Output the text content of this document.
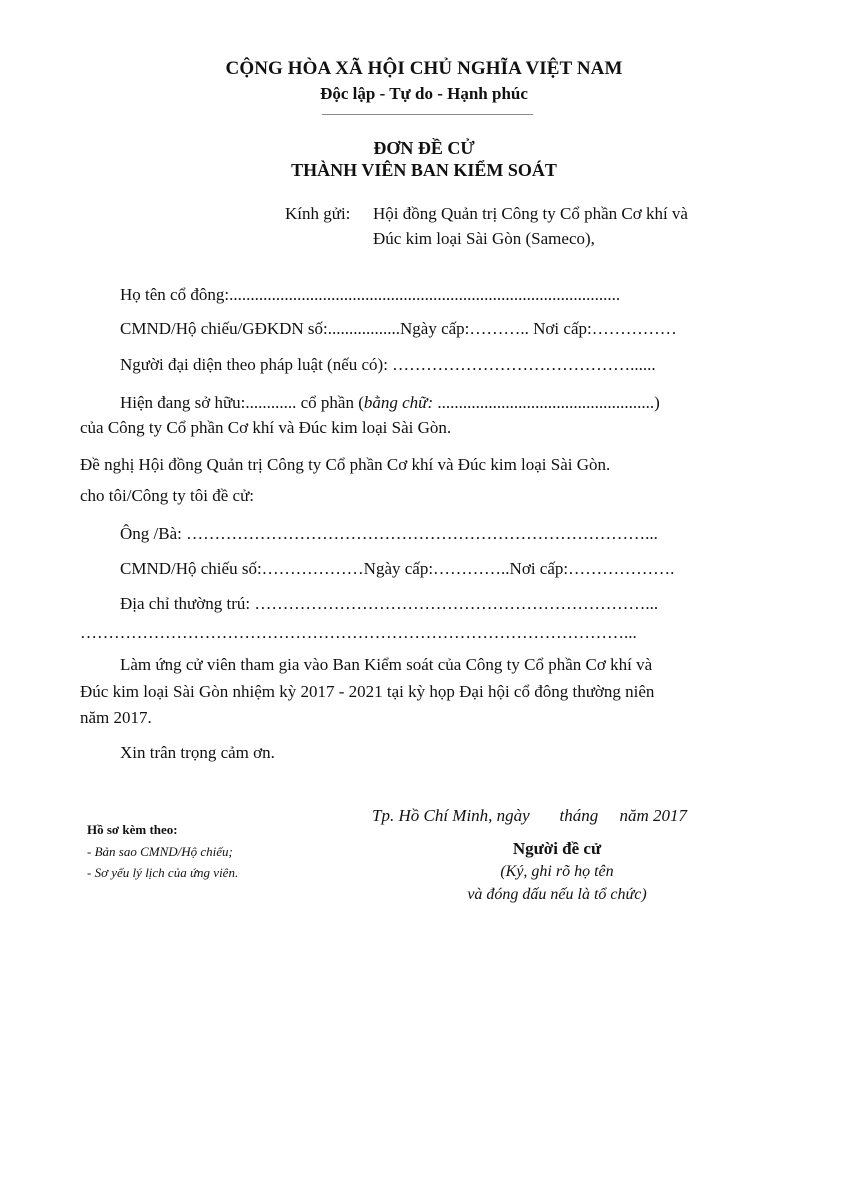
CỘNG HÒA XÃ HỘI CHỦ NGHĨA VIỆT NAM
Độc lập - Tự do - Hạnh phúc
ĐƠN ĐỀ CỬ
THÀNH VIÊN BAN KIỂM SOÁT
Kính gửi: Hội đồng Quản trị Công ty Cổ phần Cơ khí và
Đúc kim loại Sài Gòn (Sameco),
Họ tên cổ đông:............................................................................................
CMND/Hộ chiếu/GĐKDN số:.................Ngày cấp:……….. Nơi cấp:……………
Người đại diện theo pháp luật (nếu có): ……………………………………......
Hiện đang sở hữu:............ cổ phần (bằng chữ: ...................................................)
của Công ty Cổ phần Cơ khí và Đúc kim loại Sài Gòn.
Đề nghị Hội đồng Quản trị Công ty Cổ phần Cơ khí và Đúc kim loại Sài Gòn.
cho tôi/Công ty tôi đề cử:
Ông /Bà: ………………………………………………………………………...
CMND/Hộ chiếu số:………………Ngày cấp:…………..Nơi cấp:……………….
Địa chỉ thường trú: ……………………………………………………………...
……………………………………………………………………………………...
Làm ứng cử viên tham gia vào Ban Kiểm soát của Công ty Cổ phần Cơ khí và
Đúc kim loại Sài Gòn nhiệm kỳ 2017 - 2021 tại kỳ họp Đại hội cổ đông thường niên
năm 2017.
Xin trân trọng cảm ơn.
Hồ sơ kèm theo:
- Bản sao CMND/Hộ chiếu;
- Sơ yếu lý lịch của ứng viên.
Tp. Hồ Chí Minh, ngày       tháng     năm 2017
Người đề cử
(Ký, ghi rõ họ tên
và đóng dấu nếu là tổ chức)
